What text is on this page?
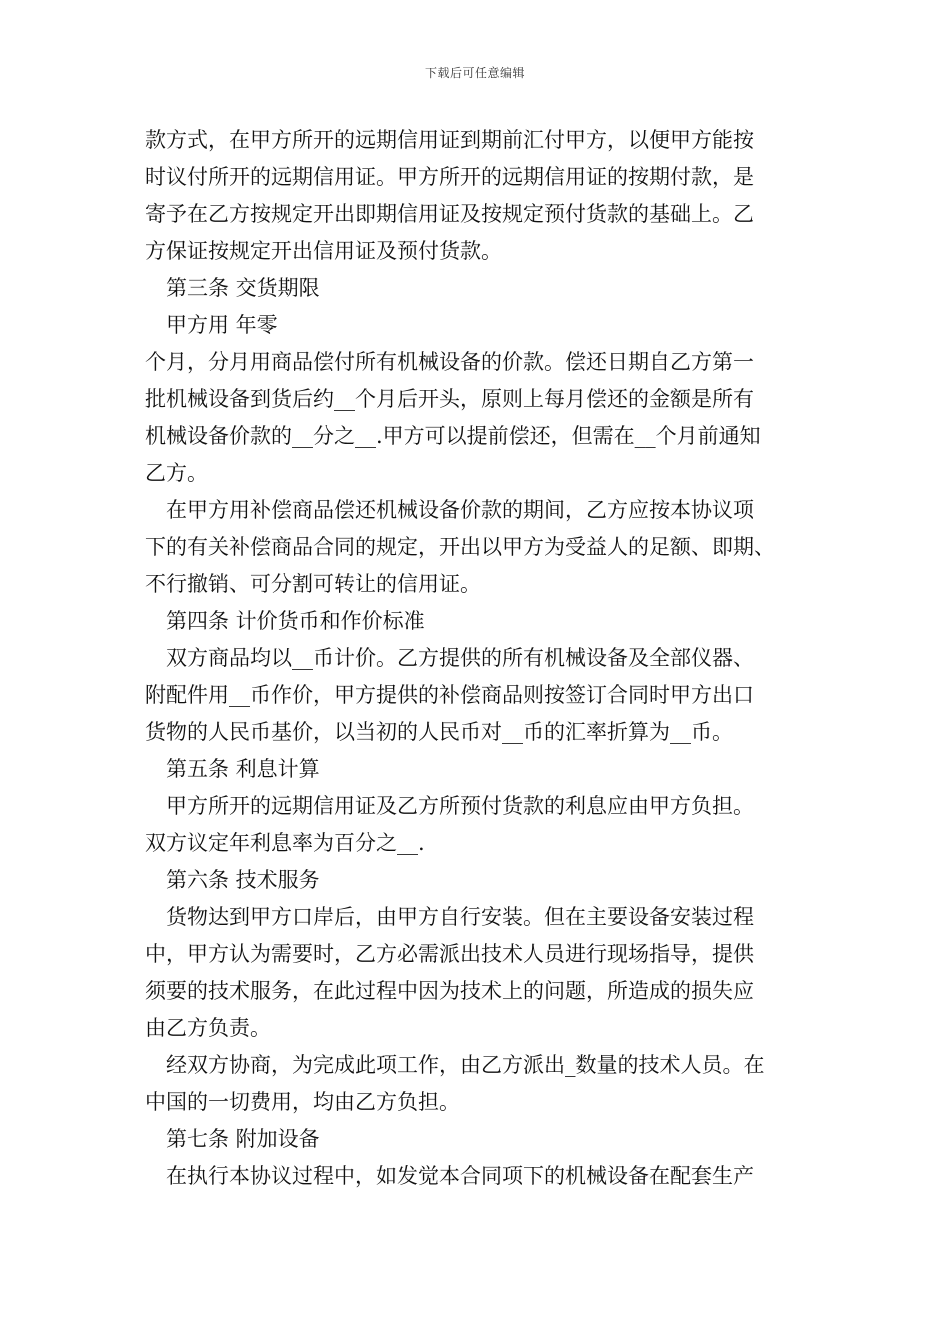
下载后可任意编辑
款方式，在甲方所开的远期信用证到期前汇付甲方，以便甲方能按
时议付所开的远期信用证。甲方所开的远期信用证的按期付款，是
寄予在乙方按规定开出即期信用证及按规定预付货款的基础上。乙
方保证按规定开出信用证及预付货款。
第三条 交货期限
甲方用 年零
个月，分月用商品偿付所有机械设备的价款。偿还日期自乙方第一
批机械设备到货后约__个月后开头，原则上每月偿还的金额是所有
机械设备价款的__分之__.甲方可以提前偿还，但需在__个月前通知
乙方。
在甲方用补偿商品偿还机械设备价款的期间，乙方应按本协议项
下的有关补偿商品合同的规定，开出以甲方为受益人的足额、即期、
不行撤销、可分割可转让的信用证。
第四条 计价货币和作价标准
双方商品均以__币计价。乙方提供的所有机械设备及全部仪器、
附配件用__币作价，甲方提供的补偿商品则按签订合同时甲方出口
货物的人民币基价，以当初的人民币对__币的汇率折算为__币。
第五条 利息计算
甲方所开的远期信用证及乙方所预付货款的利息应由甲方负担。
双方议定年利息率为百分之__.
第六条 技术服务
货物达到甲方口岸后，由甲方自行安装。但在主要设备安装过程
中，甲方认为需要时，乙方必需派出技术人员进行现场指导，提供
须要的技术服务，在此过程中因为技术上的问题，所造成的损失应
由乙方负责。
经双方协商，为完成此项工作，由乙方派出_数量的技术人员。在
中国的一切费用，均由乙方负担。
第七条 附加设备
在执行本协议过程中，如发觉本合同项下的机械设备在配套生产
